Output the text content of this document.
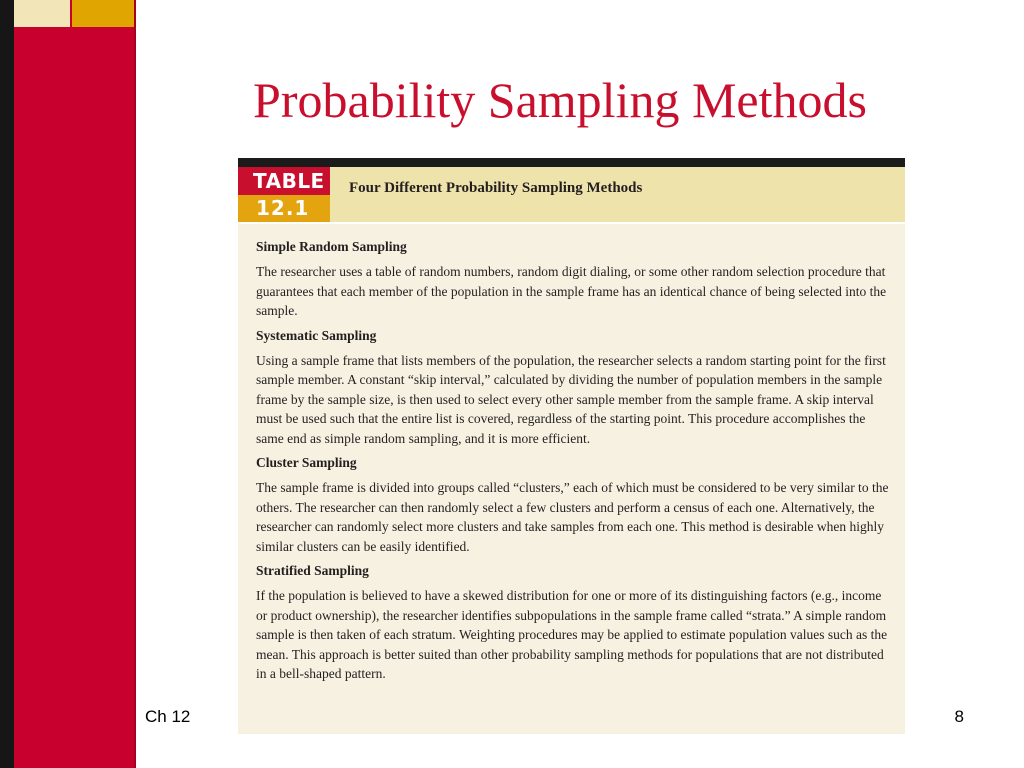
Probability Sampling Methods
TABLE
12.1
Four Different Probability Sampling Methods
Simple Random Sampling

The researcher uses a table of random numbers, random digit dialing, or some other random selection procedure that guarantees that each member of the population in the sample frame has an identical chance of being selected into the sample.

Systematic Sampling

Using a sample frame that lists members of the population, the researcher selects a random starting point for the first sample member. A constant “skip interval,” calculated by dividing the number of population members in the sample frame by the sample size, is then used to select every other sample member from the sample frame. A skip interval must be used such that the entire list is covered, regardless of the starting point. This procedure accomplishes the same end as simple random sampling, and it is more efficient.

Cluster Sampling

The sample frame is divided into groups called “clusters,” each of which must be considered to be very similar to the others. The researcher can then randomly select a few clusters and perform a census of each one. Alternatively, the researcher can randomly select more clusters and take samples from each one. This method is desirable when highly similar clusters can be easily identified.

Stratified Sampling

If the population is believed to have a skewed distribution for one or more of its distinguishing factors (e.g., income or product ownership), the researcher identifies subpopulations in the sample frame called “strata.” A simple random sample is then taken of each stratum. Weighting procedures may be applied to estimate population values such as the mean. This approach is better suited than other probability sampling methods for populations that are not distributed in a bell-shaped pattern.

Ch 12	8
